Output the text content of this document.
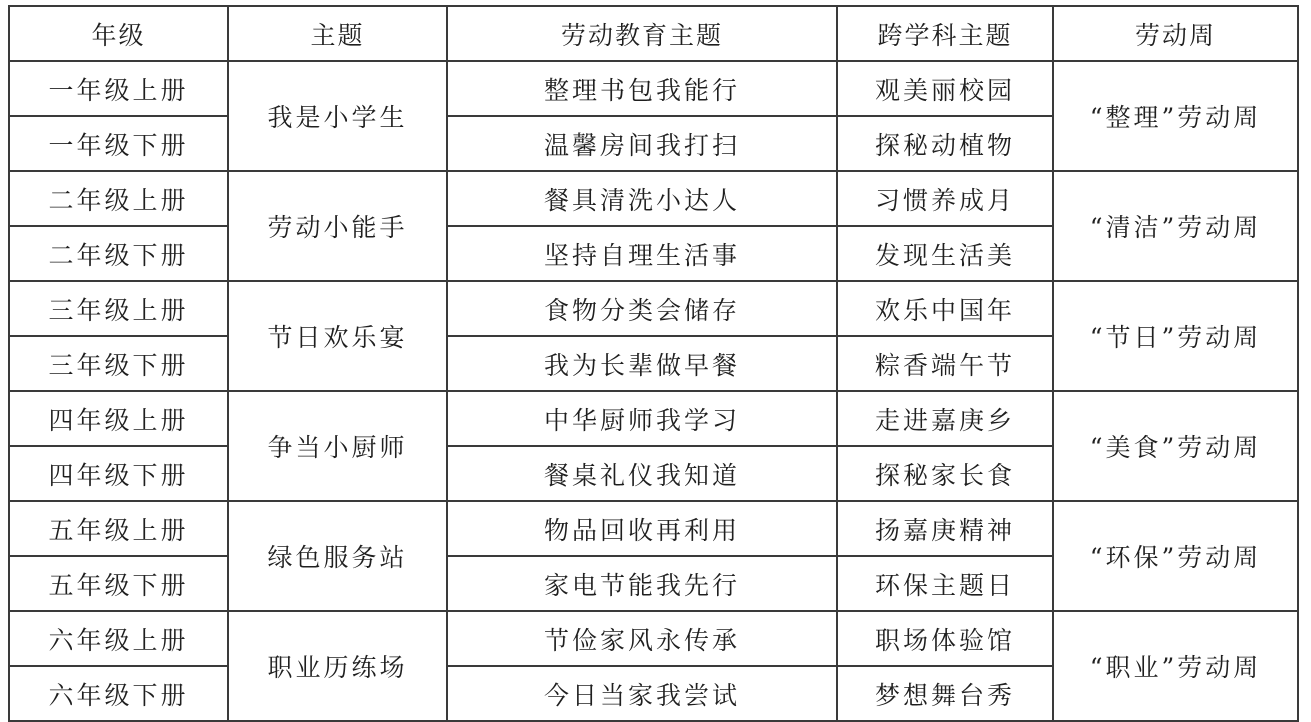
年级	主题	劳动教育主题	跨学科主题	劳动周
一年级上册	我是小学生	整理书包我能行	观美丽校园	“整理”劳动周
一年级下册		温馨房间我打扫	探秘动植物	
二年级上册	劳动小能手	餐具清洗小达人	习惯养成月	“清洁”劳动周
二年级下册		坚持自理生活事	发现生活美	
三年级上册	节日欢乐宴	食物分类会储存	欢乐中国年	“节日”劳动周
三年级下册		我为长辈做早餐	粽香端午节	
四年级上册	争当小厨师	中华厨师我学习	走进嘉庚乡	“美食”劳动周
四年级下册		餐桌礼仪我知道	探秘家长食	
五年级上册	绿色服务站	物品回收再利用	扬嘉庚精神	“环保”劳动周
五年级下册		家电节能我先行	环保主题日	
六年级上册	职业历练场	节俭家风永传承	职场体验馆	“职业”劳动周
六年级下册		今日当家我尝试	梦想舞台秀	
